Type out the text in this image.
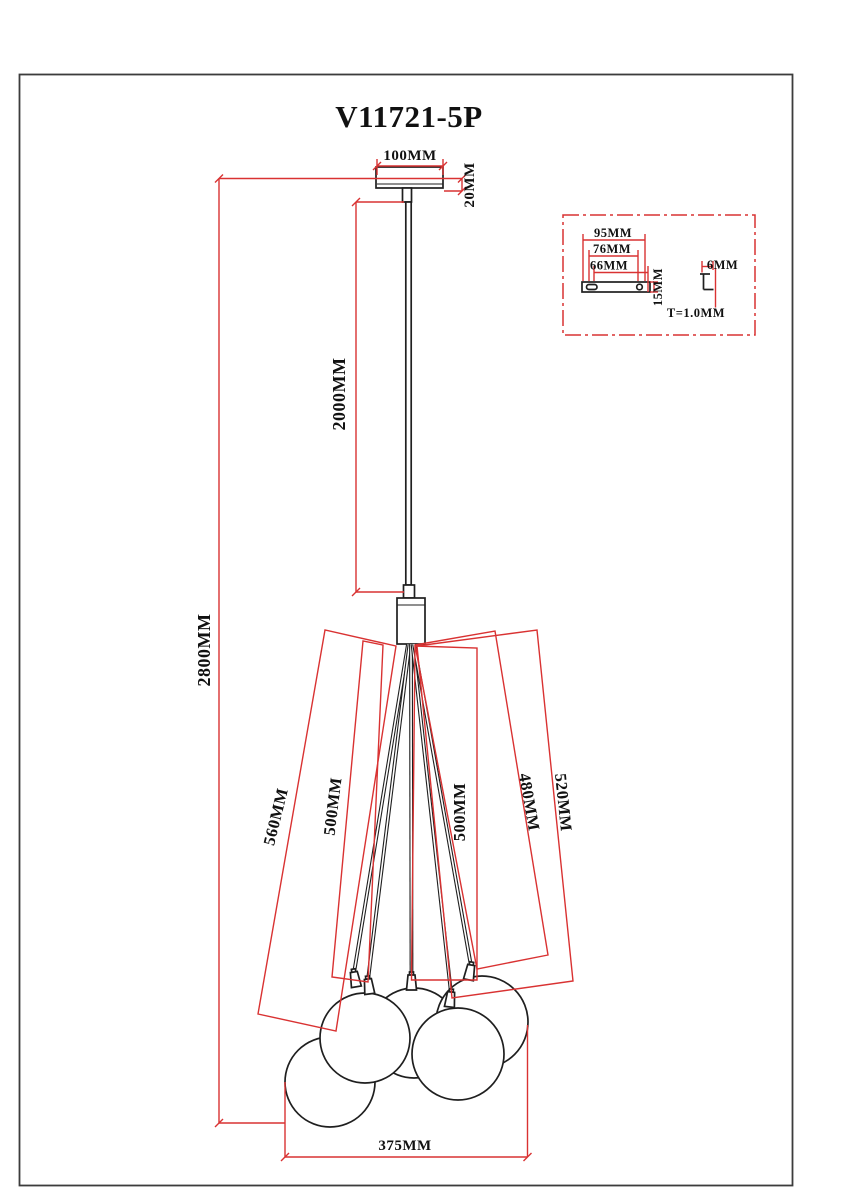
V11721-5P
100MM
20MM
2000MM
2800MM
560MM 500MM	500MM	480MM 520MM
375MM
95MM
76MM
66MM
15MM
6MM
T=1.0MM
